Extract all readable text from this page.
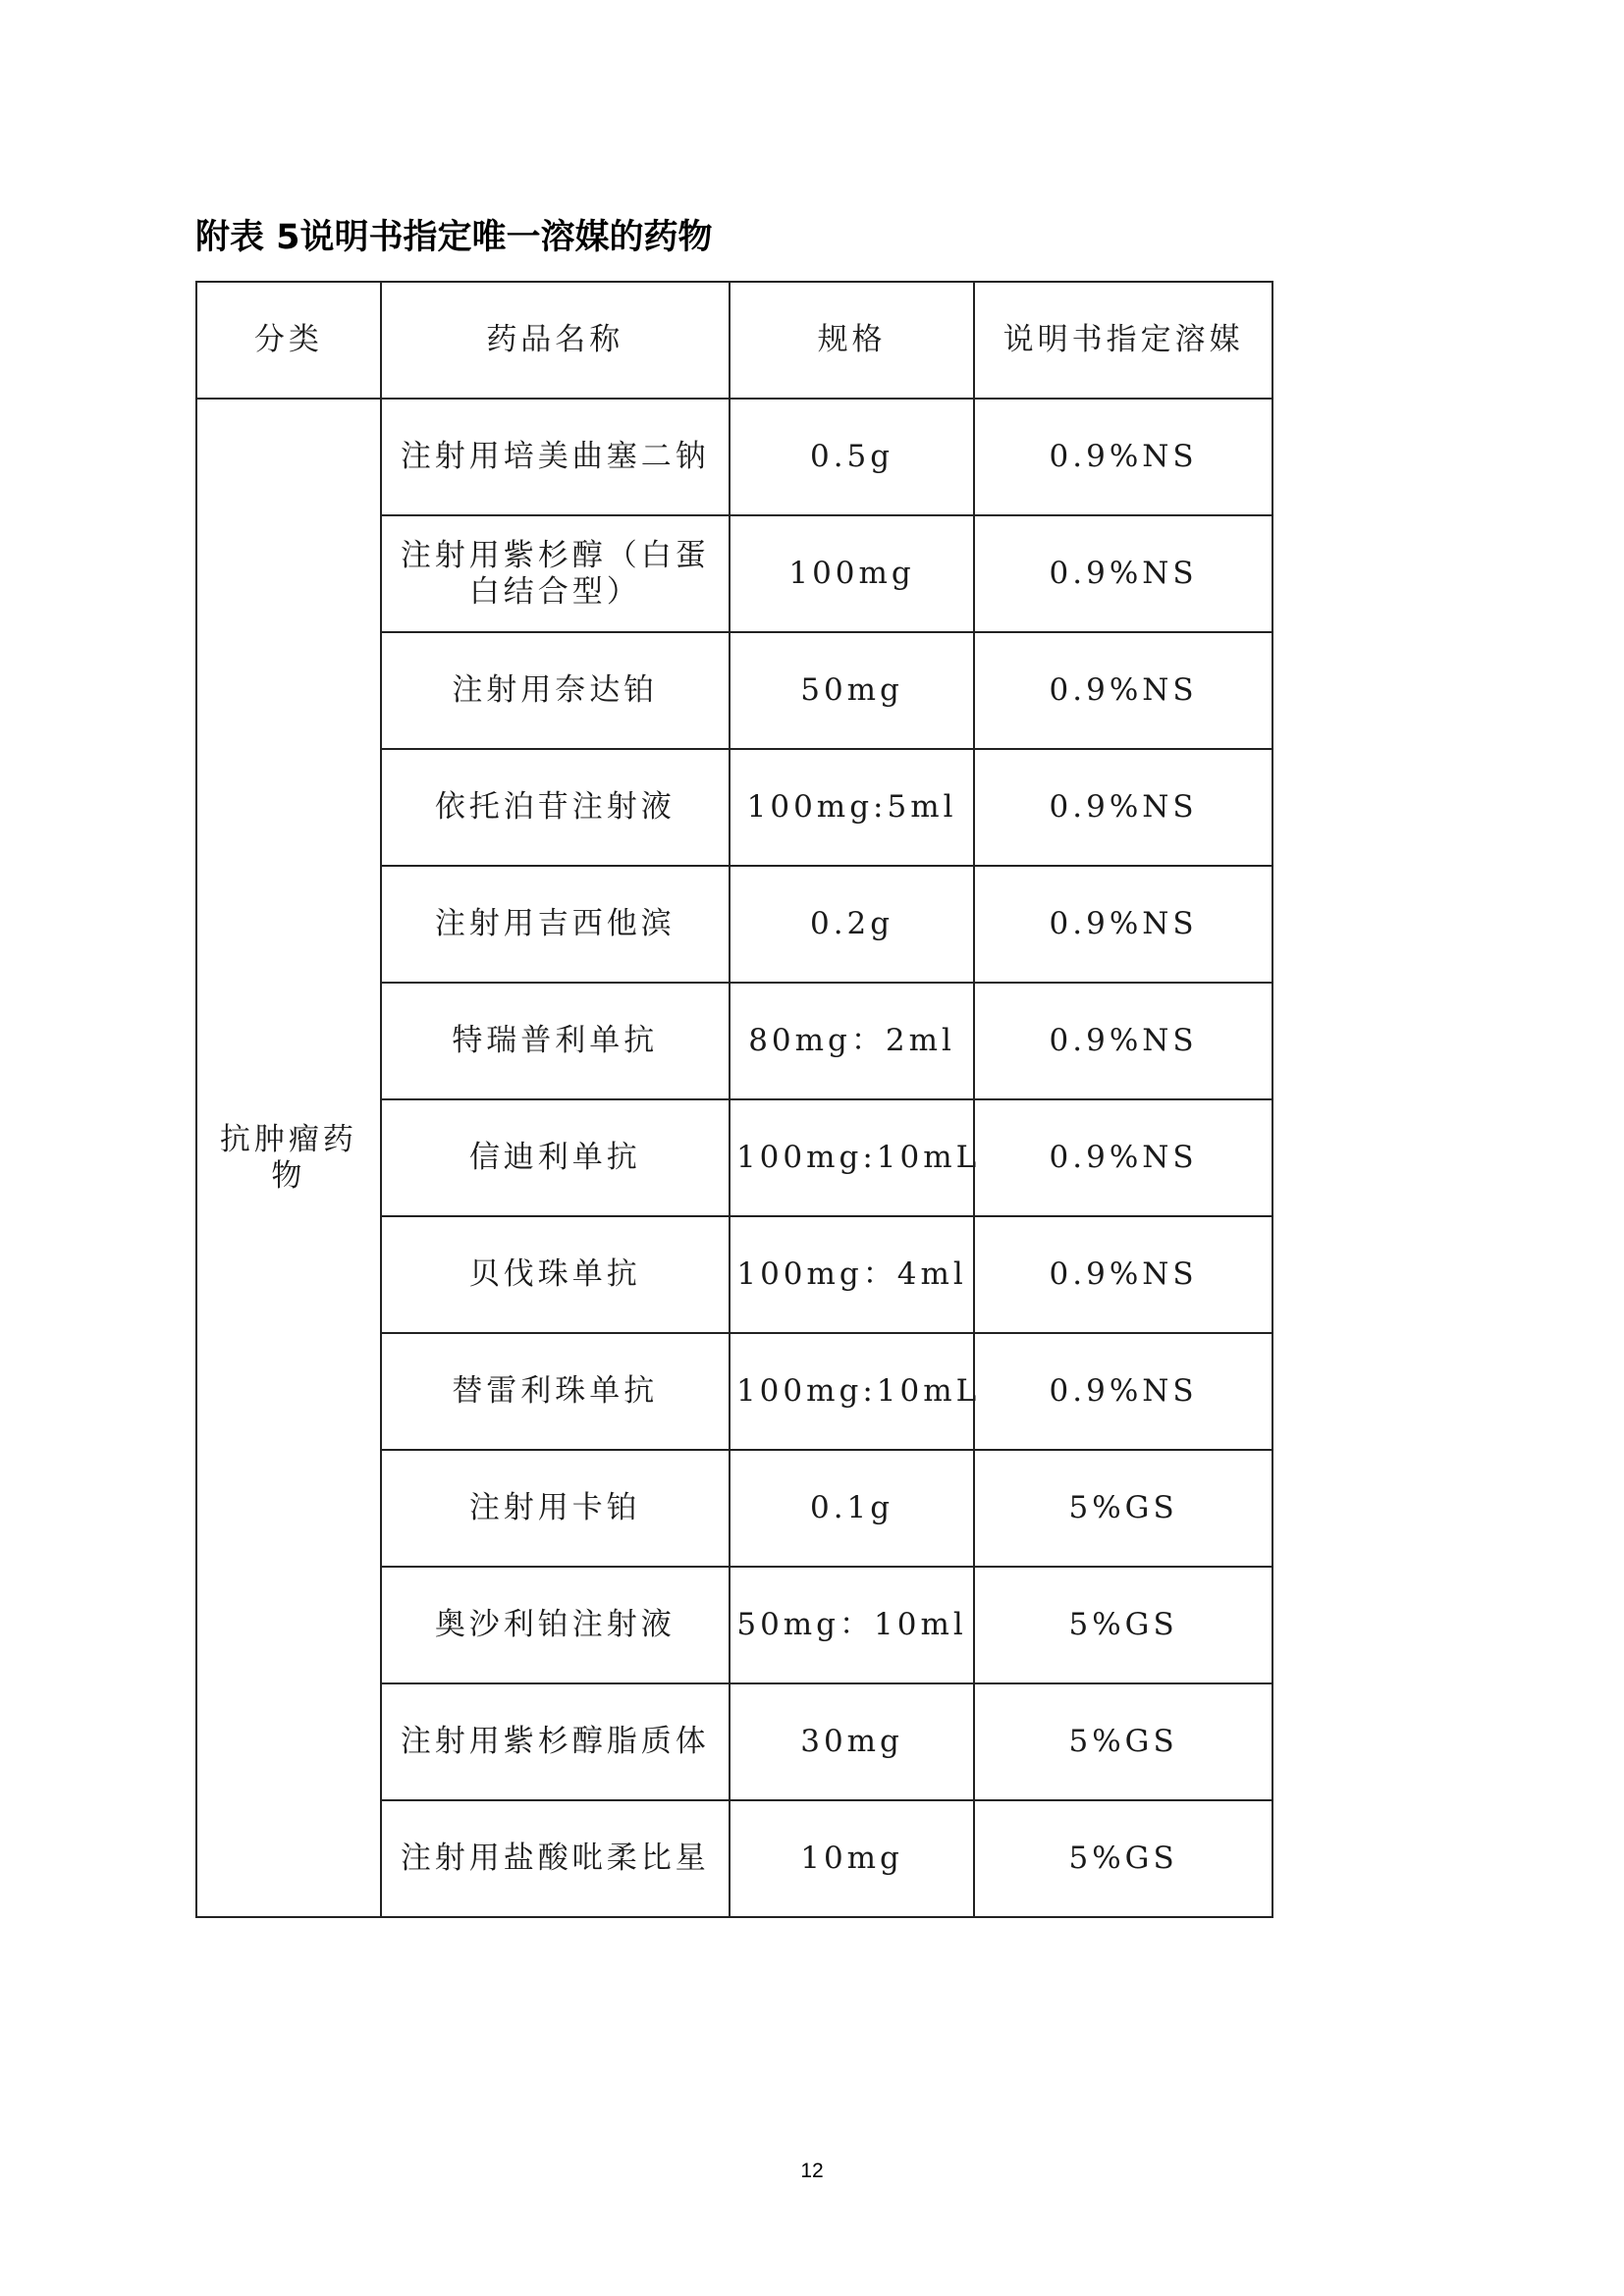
附表 5说明书指定唯一溶媒的药物
分类	药品名称	规格	说明书指定溶媒
抗肿瘤药物	注射用培美曲塞二钠	0.5g	0.9%NS
	注射用紫杉醇（白蛋白结合型）	100mg	0.9%NS
	注射用奈达铂	50mg	0.9%NS
	依托泊苷注射液	100mg:5ml	0.9%NS
	注射用吉西他滨	0.2g	0.9%NS
	特瑞普利单抗	80mg：2ml	0.9%NS
	信迪利单抗	100mg:10mL	0.9%NS
	贝伐珠单抗	100mg：4ml	0.9%NS
	替雷利珠单抗	100mg:10mL	0.9%NS
	注射用卡铂	0.1g	5%GS
	奥沙利铂注射液	50mg：10ml	5%GS
	注射用紫杉醇脂质体	30mg	5%GS
	注射用盐酸吡柔比星	10mg	5%GS
12
